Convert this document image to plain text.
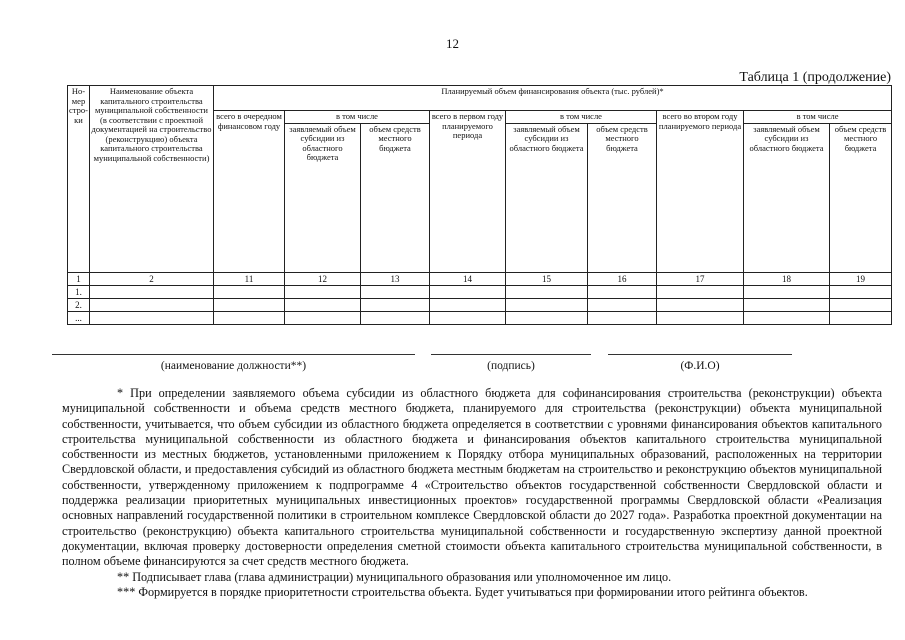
12
Таблица 1 (продолжение)
Но-мер стро-ки	Наименование объекта капитального строительства муниципальной собственности (в соответствии с проектной документацией на строительство (реконструкцию) объекта капитального строительства муниципальной собственности)	Планируемый объем финансирования объекта (тыс. рублей)*								
		всего в очередном финансовом году	в том числе		всего в первом году планируемого периода	в том числе		всего во втором году планируемого периода	в том числе	
			заявляемый объем субсидии из областного бюджета	объем средств местного бюджета		заявляемый объем субсидии из областного бюджета	объем средств местного бюджета		заявляемый объем субсидии из областного бюджета	объем средств местного бюджета
1	2	11	12	13	14	15	16	17	18	19
1.										
2.										
...										
(наименование должности**)	(подпись)	(Ф.И.О)

* При определении заявляемого объема субсидии из областного бюджета для софинансирования строительства (реконструкции) объекта муниципальной собственности и объема средств местного бюджета, планируемого для строительства (реконструкции) объекта муниципальной собственности, учитывается, что объем субсидии из областного бюджета определяется в соответствии с уровнями финансирования объектов капитального строительства муниципальной собственности из областного бюджета и финансирования объектов капитального строительства муниципальной собственности из местных бюджетов, установленными приложением к Порядку отбора муниципальных образований, расположенных на территории Свердловской области, и предоставления субсидий из областного бюджета местным бюджетам на строительство и реконструкцию объектов муниципальной собственности, утвержденному приложением к подпрограмме 4 «Строительство объектов государственной собственности Свердловской области и поддержка реализации приоритетных муниципальных инвестиционных проектов» государственной программы Свердловской области «Реализация основных направлений государственной политики в строительном комплексе Свердловской области до 2027 года». Разработка проектной документации на строительство (реконструкцию) объекта капитального строительства муниципальной собственности и государственную экспертизу данной проектной документации, включая проверку достоверности определения сметной стоимости объекта капитального строительства муниципальной собственности, в полном объеме финансируются за счет средств местного бюджета.

** Подписывает глава (глава администрации) муниципального образования или уполномоченное им лицо.

*** Формируется в порядке приоритетности строительства объекта. Будет учитываться при формировании итого рейтинга объектов.
